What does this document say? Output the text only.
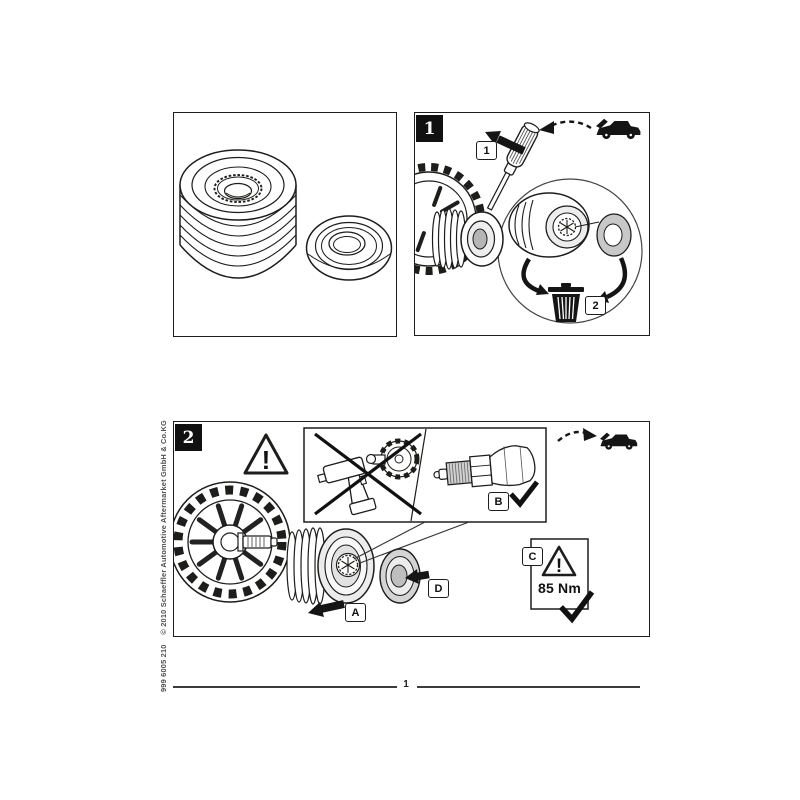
999 6005 210
© 2010 Schaeffler Automotive Aftermarket GmbH & Co.KG
1
1
2
!
!
2
A
B
C
D	85 Nm
1
